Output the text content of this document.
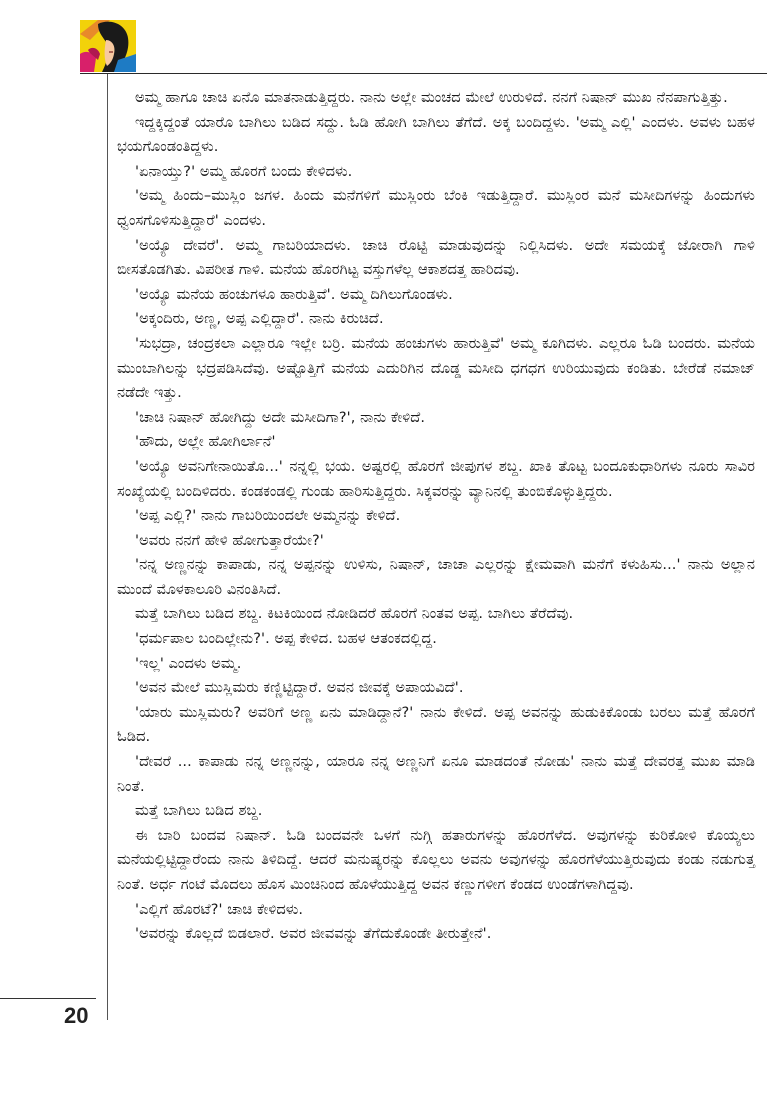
ಅಮ್ಮ ಹಾಗೂ ಚಾಚಿ ಏನೊ ಮಾತನಾಡುತ್ತಿದ್ದರು. ನಾನು ಅಲ್ಲೇ ಮಂಚದ ಮೇಲೆ ಉರುಳಿದೆ. ನನಗೆ ನಿಷಾನ್ ಮುಖ ನೆನಪಾಗುತ್ತಿತ್ತು.

ಇದ್ದಕ್ಕಿದ್ದಂತೆ ಯಾರೊ ಬಾಗಿಲು ಬಡಿದ ಸದ್ದು. ಓಡಿ ಹೋಗಿ ಬಾಗಿಲು ತೆಗೆದೆ. ಅಕ್ಕ ಬಂದಿದ್ದಳು. 'ಅಮ್ಮ ಎಲ್ಲಿ' ಎಂದಳು. ಅವಳು ಬಹಳ ಭಯಗೊಂಡಂತಿದ್ದಳು.

'ಏನಾಯ್ತು?' ಅಮ್ಮ ಹೊರಗೆ ಬಂದು ಕೇಳಿದಳು.

'ಅಮ್ಮ ಹಿಂದು–ಮುಸ್ಲಿಂ ಜಗಳ. ಹಿಂದು ಮನೆಗಳಿಗೆ ಮುಸ್ಲಿಂರು ಬೆಂಕಿ ಇಡುತ್ತಿದ್ದಾರೆ. ಮುಸ್ಲಿಂರ ಮನೆ ಮಸೀದಿಗಳನ್ನು ಹಿಂದುಗಳು ಧ್ವಂಸಗೊಳಿಸುತ್ತಿದ್ದಾರೆ' ಎಂದಳು.

'ಅಯ್ಯೊ ದೇವರೆ'. ಅಮ್ಮ ಗಾಬರಿಯಾದಳು. ಚಾಚಿ ರೊಟ್ಟಿ ಮಾಡುವುದನ್ನು ನಿಲ್ಲಿಸಿದಳು. ಅದೇ ಸಮಯಕ್ಕೆ ಜೋರಾಗಿ ಗಾಳಿ ಬೀಸತೊಡಗಿತು. ವಿಪರೀತ ಗಾಳಿ. ಮನೆಯ ಹೊರಗಿಟ್ಟ ವಸ್ತುಗಳೆಲ್ಲ ಆಕಾಶದತ್ತ ಹಾರಿದವು.

'ಅಯ್ಯೊ ಮನೆಯ ಹಂಚುಗಳೂ ಹಾರುತ್ತಿವೆ'. ಅಮ್ಮ ದಿಗಿಲುಗೊಂಡಳು.

'ಅಕ್ಕಂದಿರು, ಅಣ್ಣ, ಅಪ್ಪ ಎಲ್ಲಿದ್ದಾರೆ'. ನಾನು ಕಿರುಚಿದೆ.

'ಸುಭದ್ರಾ, ಚಂದ್ರಕಲಾ ಎಲ್ಲಾರೂ ಇಲ್ಲೇ ಬರ್ರಿ. ಮನೆಯ ಹಂಚುಗಳು ಹಾರುತ್ತಿವೆ' ಅಮ್ಮ ಕೂಗಿದಳು. ಎಲ್ಲರೂ ಓಡಿ ಬಂದರು. ಮನೆಯ ಮುಂಬಾಗಿಲನ್ನು ಭದ್ರಪಡಿಸಿದೆವು. ಅಷ್ಟೊತ್ತಿಗೆ ಮನೆಯ ಎದುರಿಗಿನ ದೊಡ್ಡ ಮಸೀದಿ ಧಗಧಗ ಉರಿಯುವುದು ಕಂಡಿತು. ಬೇರೆಡೆ ನಮಾಜ್ ನಡೆದೇ ಇತ್ತು.

'ಚಾಚಿ ನಿಷಾನ್ ಹೋಗಿದ್ದು ಅದೇ ಮಸೀದಿಗಾ?', ನಾನು ಕೇಳಿದೆ.

'ಹೌದು, ಅಲ್ಲೇ ಹೋಗಿರ್ಲಾನೆ'

'ಅಯ್ಯೊ ಅವನಿಗೇನಾಯಿತೊ...' ನನ್ನಲ್ಲಿ ಭಯ. ಅಷ್ಟರಲ್ಲಿ ಹೊರಗೆ ಜೀಪುಗಳ ಶಬ್ದ. ಖಾಕಿ ತೊಟ್ಟ ಬಂದೂಕುಧಾರಿಗಳು ನೂರು ಸಾವಿರ ಸಂಖ್ಯೆಯಲ್ಲಿ ಬಂದಿಳಿದರು. ಕಂಡಕಂಡಲ್ಲಿ ಗುಂಡು ಹಾರಿಸುತ್ತಿದ್ದರು. ಸಿಕ್ಕವರನ್ನು ವ್ಯಾನಿನಲ್ಲಿ ತುಂಬಿಕೊಳ್ಳುತ್ತಿದ್ದರು.

'ಅಪ್ಪ ಎಲ್ಲಿ?' ನಾನು ಗಾಬರಿಯಿಂದಲೇ ಅಮ್ಮನನ್ನು ಕೇಳಿದೆ.

'ಅವರು ನನಗೆ ಹೇಳಿ ಹೋಗುತ್ತಾರೆಯೇ?'

'ನನ್ನ ಅಣ್ಣನನ್ನು ಕಾಪಾಡು, ನನ್ನ ಅಪ್ಪನನ್ನು ಉಳಿಸು, ನಿಷಾನ್, ಚಾಚಾ ಎಲ್ಲರನ್ನು ಕ್ಷೇಮವಾಗಿ ಮನೆಗೆ ಕಳುಹಿಸು...' ನಾನು ಅಲ್ಲಾನ ಮುಂದೆ ಮೊಳಕಾಲೂರಿ ವಿನಂತಿಸಿದೆ.

ಮತ್ತೆ ಬಾಗಿಲು ಬಡಿದ ಶಬ್ದ. ಕಿಟಕಿಯಿಂದ ನೋಡಿದರೆ ಹೊರಗೆ ನಿಂತವ ಅಪ್ಪ. ಬಾಗಿಲು ತೆರೆದೆವು.

'ಧರ್ಮಪಾಲ ಬಂದಿಲ್ಲೇನು?'. ಅಪ್ಪ ಕೇಳಿದ. ಬಹಳ ಆತಂಕದಲ್ಲಿದ್ದ.

'ಇಲ್ಲ' ಎಂದಳು ಅಮ್ಮ.

'ಅವನ ಮೇಲೆ ಮುಸ್ಲಿಮರು ಕಣ್ಣಿಟ್ಟಿದ್ದಾರೆ. ಅವನ ಜೀವಕ್ಕೆ ಅಪಾಯವಿದೆ'.

'ಯಾರು ಮುಸ್ಲಿಮರು? ಅವರಿಗೆ ಅಣ್ಣ ಏನು ಮಾಡಿದ್ದಾನೆ?' ನಾನು ಕೇಳಿದೆ. ಅಪ್ಪ ಅವನನ್ನು ಹುಡುಕಿಕೊಂಡು ಬರಲು ಮತ್ತೆ ಹೊರಗೆ ಓಡಿದ.

'ದೇವರೆ ... ಕಾಪಾಡು ನನ್ನ ಅಣ್ಣನನ್ನು, ಯಾರೂ ನನ್ನ ಅಣ್ಣನಿಗೆ ಏನೂ ಮಾಡದಂತೆ ನೋಡು' ನಾನು ಮತ್ತೆ ದೇವರತ್ತ ಮುಖ ಮಾಡಿ ನಿಂತೆ.

ಮತ್ತೆ ಬಾಗಿಲು ಬಡಿದ ಶಬ್ದ.

ಈ ಬಾರಿ ಬಂದವ ನಿಷಾನ್. ಓಡಿ ಬಂದವನೇ ಒಳಗೆ ನುಗ್ಗಿ ಹತಾರುಗಳನ್ನು ಹೊರಗೆಳೆದ. ಅವುಗಳನ್ನು ಕುರಿಕೋಳಿ ಕೊಯ್ಯಲು ಮನೆಯಲ್ಲಿಟ್ಟಿದ್ದಾರೆಂದು ನಾನು ತಿಳಿದಿದ್ದೆ. ಆದರೆ ಮನುಷ್ಯರನ್ನು ಕೊಲ್ಲಲು ಅವನು ಅವುಗಳನ್ನು ಹೊರಗೆಳೆಯುತ್ತಿರುವುದು ಕಂಡು ನಡುಗುತ್ತ ನಿಂತೆ. ಅರ್ಧ ಗಂಟೆ ಮೊದಲು ಹೊಸ ಮಿಂಚಿನಿಂದ ಹೊಳೆಯುತ್ತಿದ್ದ ಅವನ ಕಣ್ಣುಗಳೀಗ ಕೆಂಡದ ಉಂಡೆಗಳಾಗಿದ್ದವು.

'ಎಲ್ಲಿಗೆ ಹೊರಟೆ?' ಚಾಚಿ ಕೇಳಿದಳು.

'ಅವರನ್ನು ಕೊಲ್ಲದೆ ಬಿಡಲಾರೆ. ಅವರ ಜೀವವನ್ನು ತೆಗೆದುಕೊಂಡೇ ತೀರುತ್ತೇನೆ'.

20
